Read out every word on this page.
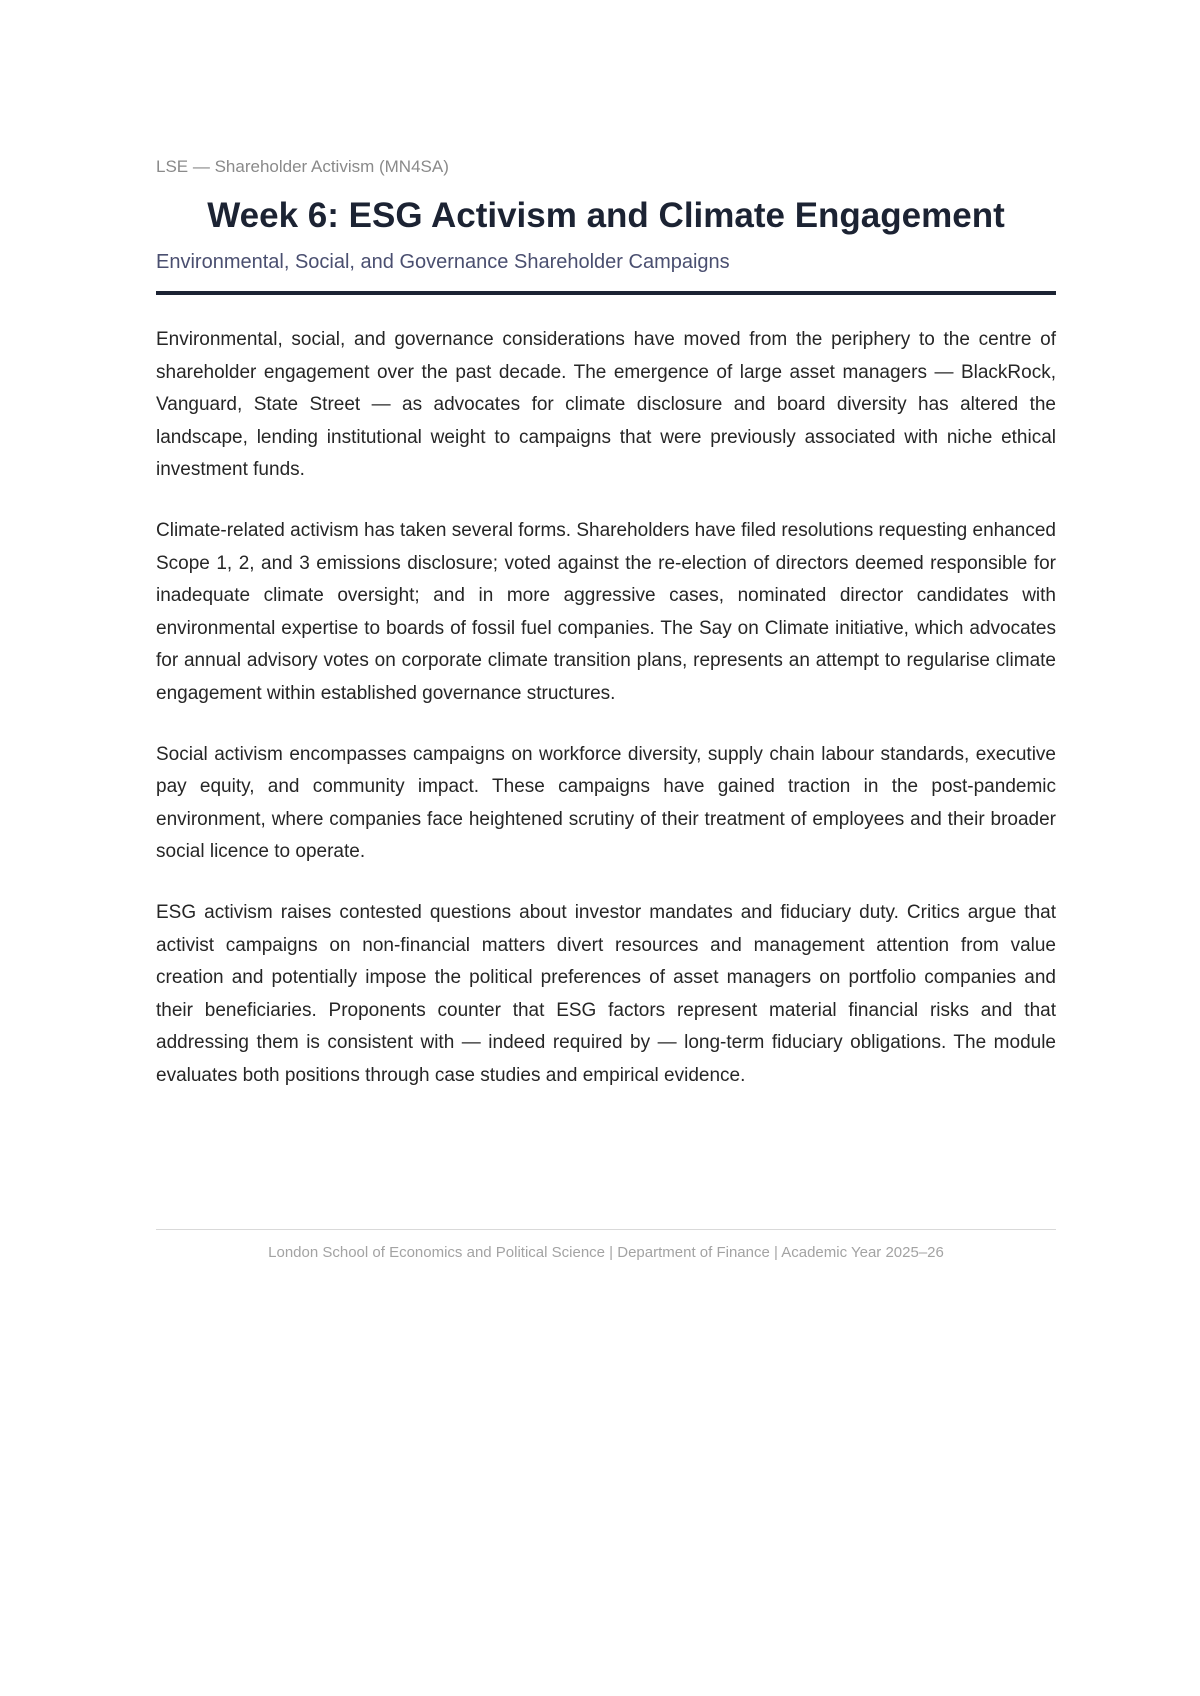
LSE — Shareholder Activism (MN4SA)
Week 6: ESG Activism and Climate Engagement
Environmental, Social, and Governance Shareholder Campaigns

Environmental, social, and governance considerations have moved from the periphery to the centre of shareholder engagement over the past decade. The emergence of large asset managers — BlackRock, Vanguard, State Street — as advocates for climate disclosure and board diversity has altered the landscape, lending institutional weight to campaigns that were previously associated with niche ethical investment funds.

Climate-related activism has taken several forms. Shareholders have filed resolutions requesting enhanced Scope 1, 2, and 3 emissions disclosure; voted against the re-election of directors deemed responsible for inadequate climate oversight; and in more aggressive cases, nominated director candidates with environmental expertise to boards of fossil fuel companies. The Say on Climate initiative, which advocates for annual advisory votes on corporate climate transition plans, represents an attempt to regularise climate engagement within established governance structures.

Social activism encompasses campaigns on workforce diversity, supply chain labour standards, executive pay equity, and community impact. These campaigns have gained traction in the post-pandemic environment, where companies face heightened scrutiny of their treatment of employees and their broader social licence to operate.

ESG activism raises contested questions about investor mandates and fiduciary duty. Critics argue that activist campaigns on non-financial matters divert resources and management attention from value creation and potentially impose the political preferences of asset managers on portfolio companies and their beneficiaries. Proponents counter that ESG factors represent material financial risks and that addressing them is consistent with — indeed required by — long-term fiduciary obligations. The module evaluates both positions through case studies and empirical evidence.

London School of Economics and Political Science | Department of Finance | Academic Year 2025–26
